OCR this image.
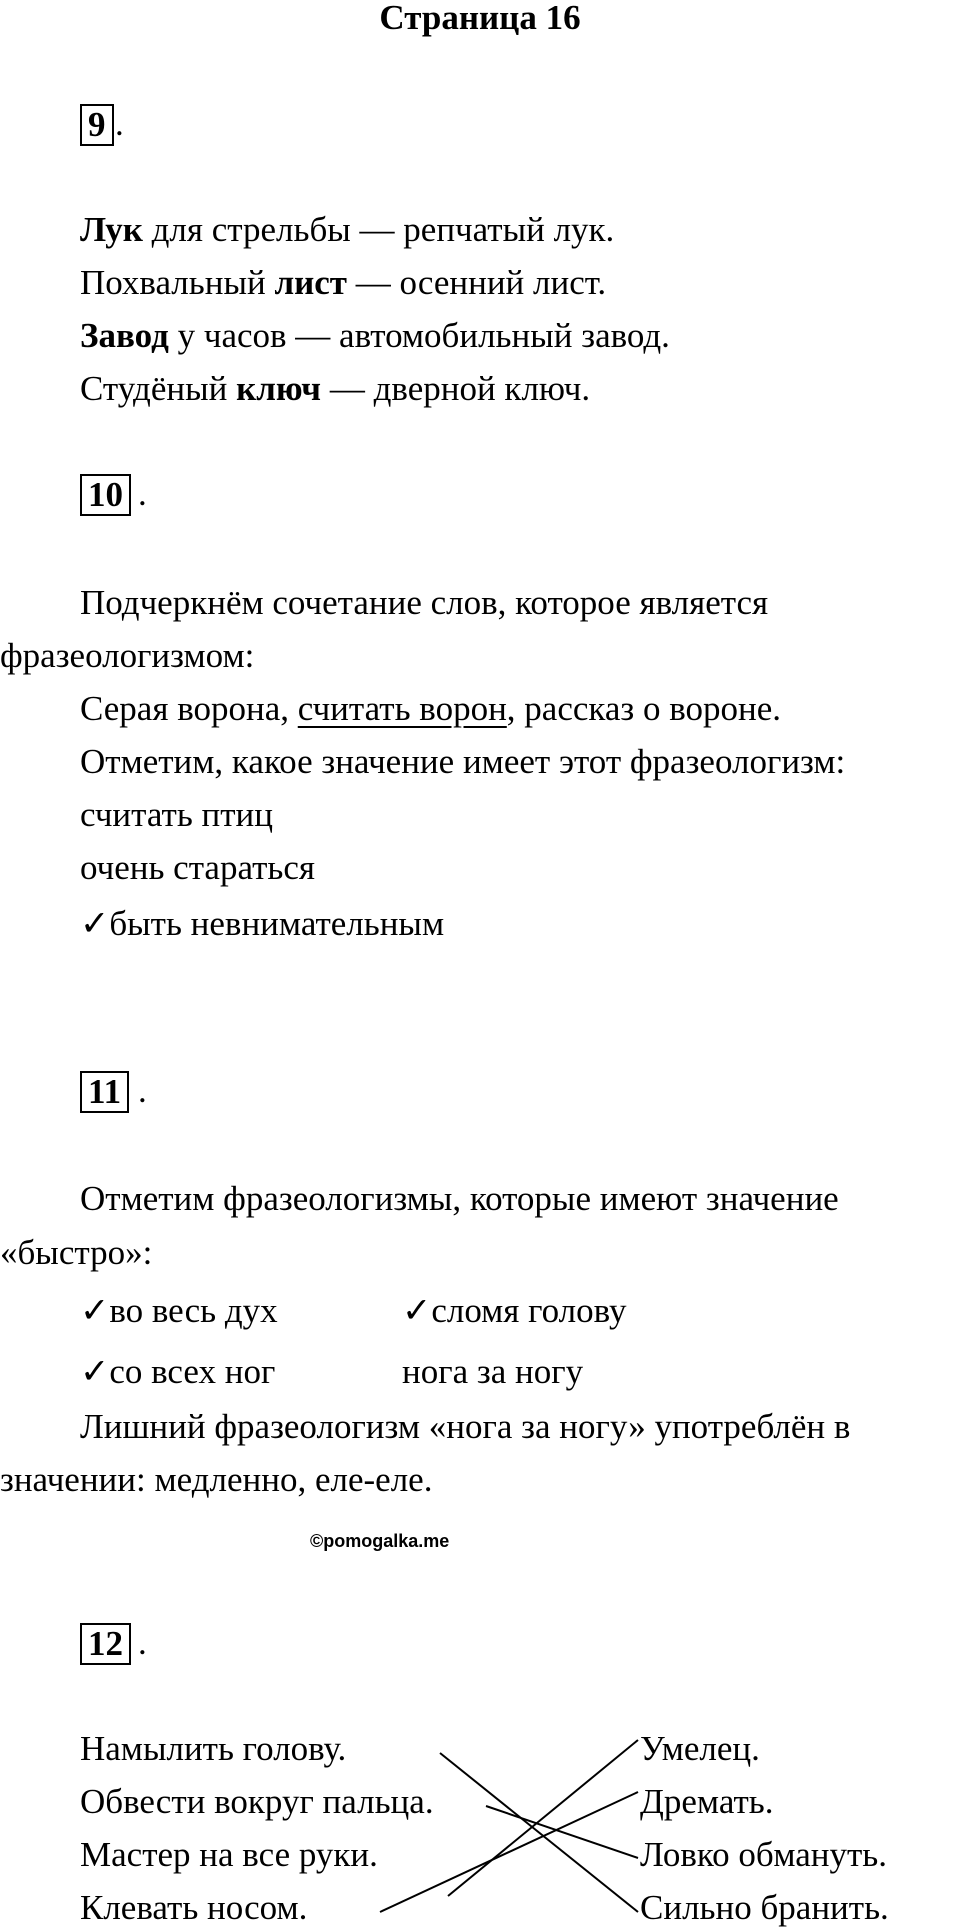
Страница 16
9 .
Лук для стрельбы — репчатый лук.
Похвальный лист — осенний лист.
Завод у часов — автомобильный завод.
Студёный ключ — дверной ключ.
10 .
Подчеркнём сочетание слов, которое является
фразеологизмом:
Серая ворона, считать ворон, рассказ о вороне.
Отметим, какое значение имеет этот фразеологизм:
считать птиц
очень стараться
✓быть невнимательным
11 .
Отметим фразеологизмы, которые имеют значение
«быстро»:
✓во весь дух	✓сломя голову
✓со всех ног	нога за ногу
Лишний фразеологизм «нога за ногу» употреблён в
значении: медленно, еле-еле.
©pomogalka.me
12 .
Намылить голову.
Обвести вокруг пальца.
Мастер на все руки.
Клевать носом.
Умелец.
Дремать.
Ловко обмануть.
Сильно бранить.
